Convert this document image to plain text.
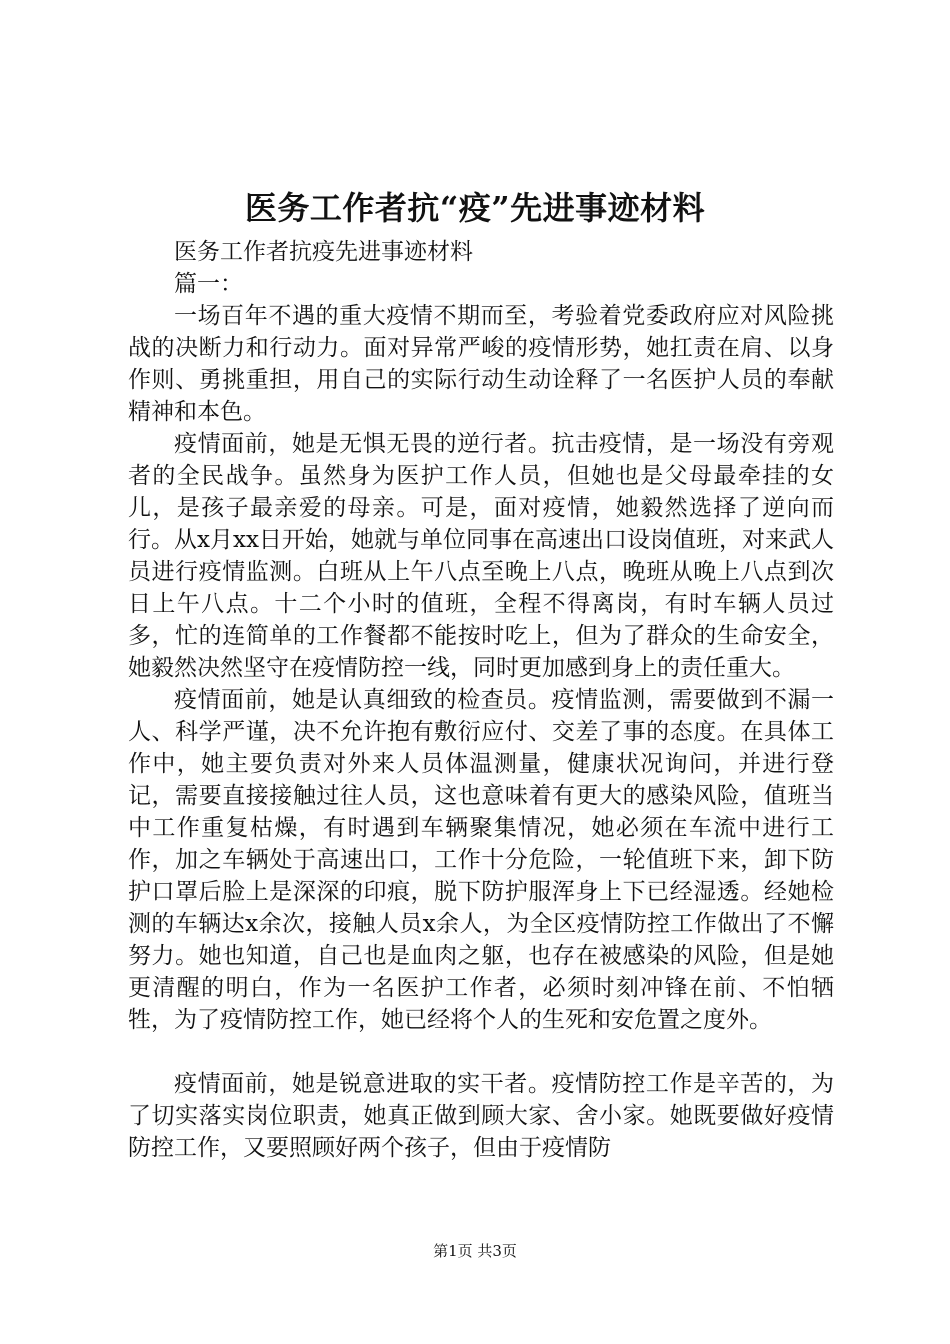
医务工作者抗“疫”先进事迹材料

医务工作者抗疫先进事迹材料

篇一：

一场百年不遇的重大疫情不期而至，考验着党委政府应对风险挑战的决断力和行动力。面对异常严峻的疫情形势，她扛责在肩、以身作则、勇挑重担，用自己的实际行动生动诠释了一名医护人员的奉献精神和本色。

疫情面前，她是无惧无畏的逆行者。抗击疫情，是一场没有旁观者的全民战争。虽然身为医护工作人员，但她也是父母最牵挂的女儿，是孩子最亲爱的母亲。可是，面对疫情，她毅然选择了逆向而行。从x月xx日开始，她就与单位同事在高速出口设岗值班，对来武人员进行疫情监测。白班从上午八点至晚上八点，晚班从晚上八点到次日上午八点。十二个小时的值班，全程不得离岗，有时车辆人员过多，忙的连简单的工作餐都不能按时吃上，但为了群众的生命安全，她毅然决然坚守在疫情防控一线，同时更加感到身上的责任重大。

疫情面前，她是认真细致的检查员。疫情监测，需要做到不漏一人、科学严谨，决不允许抱有敷衍应付、交差了事的态度。在具体工作中，她主要负责对外来人员体温测量，健康状况询问，并进行登记，需要直接接触过往人员，这也意味着有更大的感染风险，值班当中工作重复枯燥，有时遇到车辆聚集情况，她必须在车流中进行工作，加之车辆处于高速出口，工作十分危险，一轮值班下来，卸下防护口罩后脸上是深深的印痕，脱下防护服浑身上下已经湿透。经她检测的车辆达x余次，接触人员x余人，为全区疫情防控工作做出了不懈努力。她也知道，自己也是血肉之躯，也存在被感染的风险，但是她更清醒的明白，作为一名医护工作者，必须时刻冲锋在前、不怕牺牲，为了疫情防控工作，她已经将个人的生死和安危置之度外。

疫情面前，她是锐意进取的实干者。疫情防控工作是辛苦的，为了切实落实岗位职责，她真正做到顾大家、舍小家。她既要做好疫情防控工作，又要照顾好两个孩子，但由于疫情防

第1页 共3页
